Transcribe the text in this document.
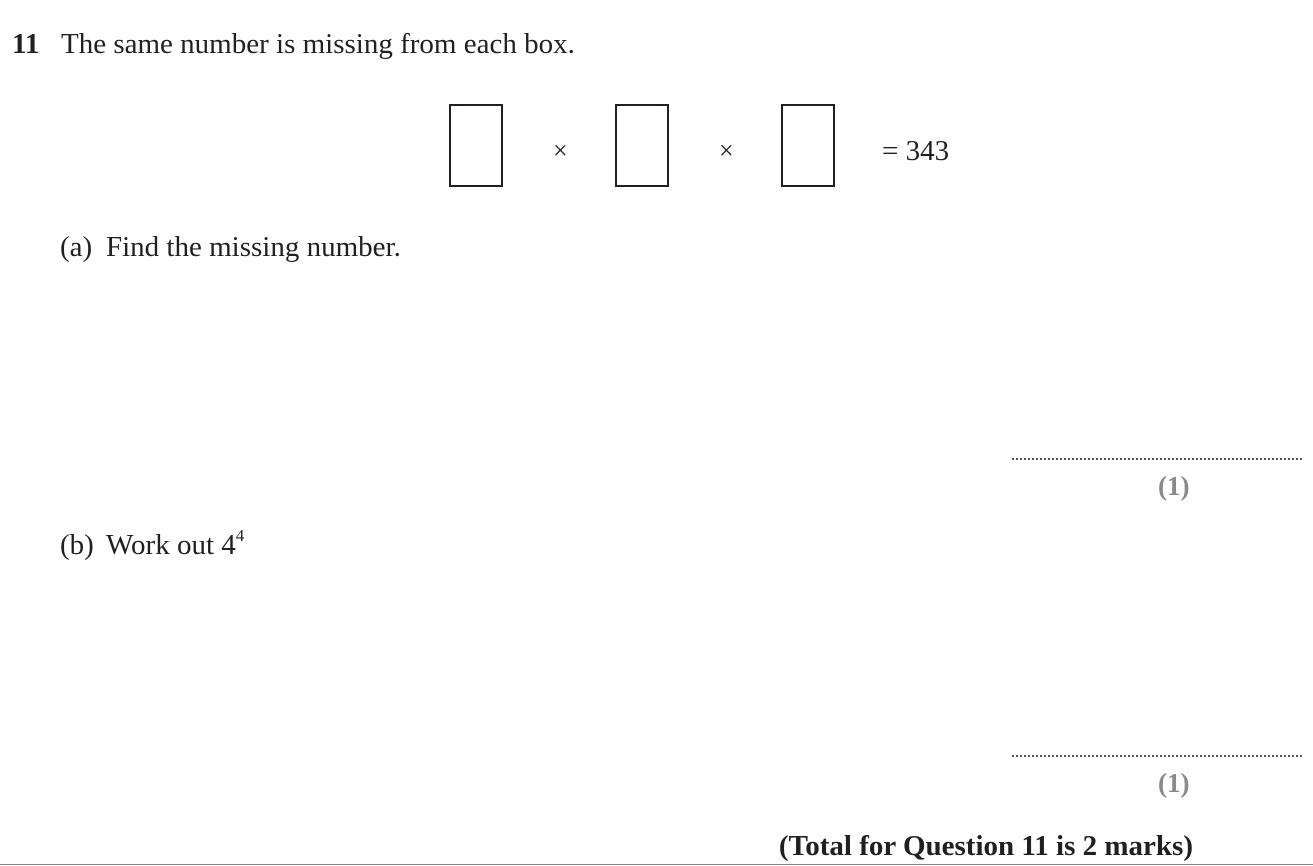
11 The same number is missing from each box.
×	×	= 343
(a) Find the missing number.
(1)
(b) Work out $4^4$
(1)
(Total for Question 11 is 2 marks)
